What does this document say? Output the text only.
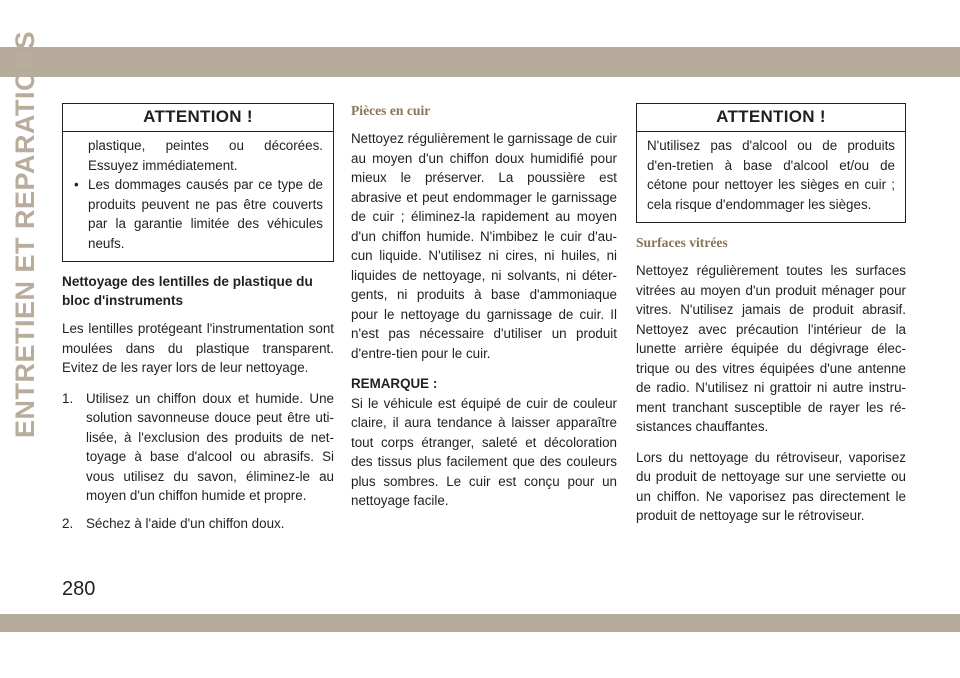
ENTRETIEN ET REPARATIONS	ATTENTION !

plastique, peintes ou décorées. Essuyez immédiatement.

• Les dommages causés par ce type de produits peuvent ne pas être couverts par la garantie limitée des véhicules neufs.

Nettoyage des lentilles de plastique du bloc d'instruments

Les lentilles protégeant l'instrumentation sont moulées dans du plastique transparent. Evitez de les rayer lors de leur nettoyage.

1. Utilisez un chiffon doux et humide. Une solution savonneuse douce peut être uti-lisée, à l'exclusion des produits de net-toyage à base d'alcool ou abrasifs. Si vous utilisez du savon, éliminez-le au moyen d'un chiffon humide et propre.
2. Séchez à l'aide d'un chiffon doux.
Pièces en cuir

Nettoyez régulièrement le garnissage de cuir au moyen d'un chiffon doux humidifié pour mieux le préserver. La poussière est abrasive et peut endommager le garnissage de cuir ; éliminez-la rapidement au moyen d'un chiffon humide. N'imbibez le cuir d'au-cun liquide. N'utilisez ni cires, ni huiles, ni liquides de nettoyage, ni solvants, ni déter-gents, ni produits à base d'ammoniaque pour le nettoyage du garnissage de cuir. Il n'est pas nécessaire d'utiliser un produit d'entre-tien pour le cuir.

REMARQUE :

Si le véhicule est équipé de cuir de couleur claire, il aura tendance à laisser apparaître tout corps étranger, saleté et décoloration des tissus plus facilement que des couleurs plus sombres. Le cuir est conçu pour un nettoyage facile.

ATTENTION !

N'utilisez pas d'alcool ou de produits d'en-tretien à base d'alcool et/ou de cétone pour nettoyer les sièges en cuir ; cela risque d'endommager les sièges.

Surfaces vitrées

Nettoyez régulièrement toutes les surfaces vitrées au moyen d'un produit ménager pour vitres. N'utilisez jamais de produit abrasif. Nettoyez avec précaution l'intérieur de la lunette arrière équipée du dégivrage élec-trique ou des vitres équipées d'une antenne de radio. N'utilisez ni grattoir ni autre instru-ment tranchant susceptible de rayer les ré-sistances chauffantes.

Lors du nettoyage du rétroviseur, vaporisez du produit de nettoyage sur une serviette ou un chiffon. Ne vaporisez pas directement le produit de nettoyage sur le rétroviseur.

280
